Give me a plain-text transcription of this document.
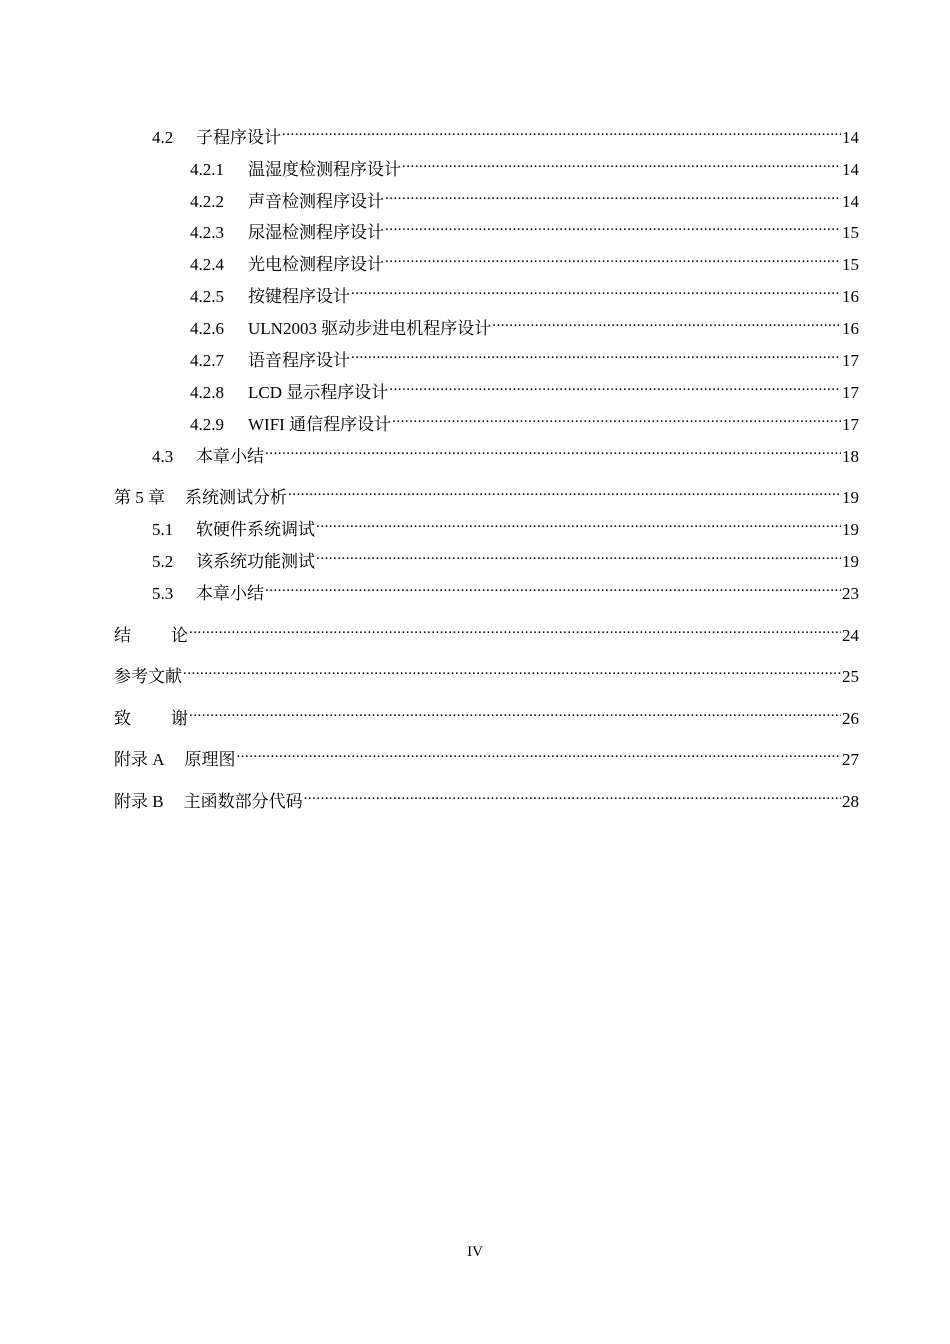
4.2	子程序设计 .....	14
4.2.1	温湿度检测程序设计 .....	14
4.2.2	声音检测程序设计 .....	14
4.2.3	尿湿检测程序设计 .....	15
4.2.4	光电检测程序设计 .....	15
4.2.5	按键程序设计 .....	16
4.2.6	ULN2003 驱动步进电机程序设计 .....	16
4.2.7	语音程序设计 .....	17
4.2.8	LCD 显示程序设计 .....	17
4.2.9	WIFI 通信程序设计 .....	17
4.3	本章小结 .....	18
第 5 章	系统测试分析 .....	19
5.1	软硬件系统调试 .....	19
5.2	该系统功能测试 .....	19
5.3	本章小结 .....	23
结 论 .....	24
参考文献 .....	25
致 谢 .....	26
附录 A	原理图 .....	27
附录 B	主函数部分代码 .....	28
IV
